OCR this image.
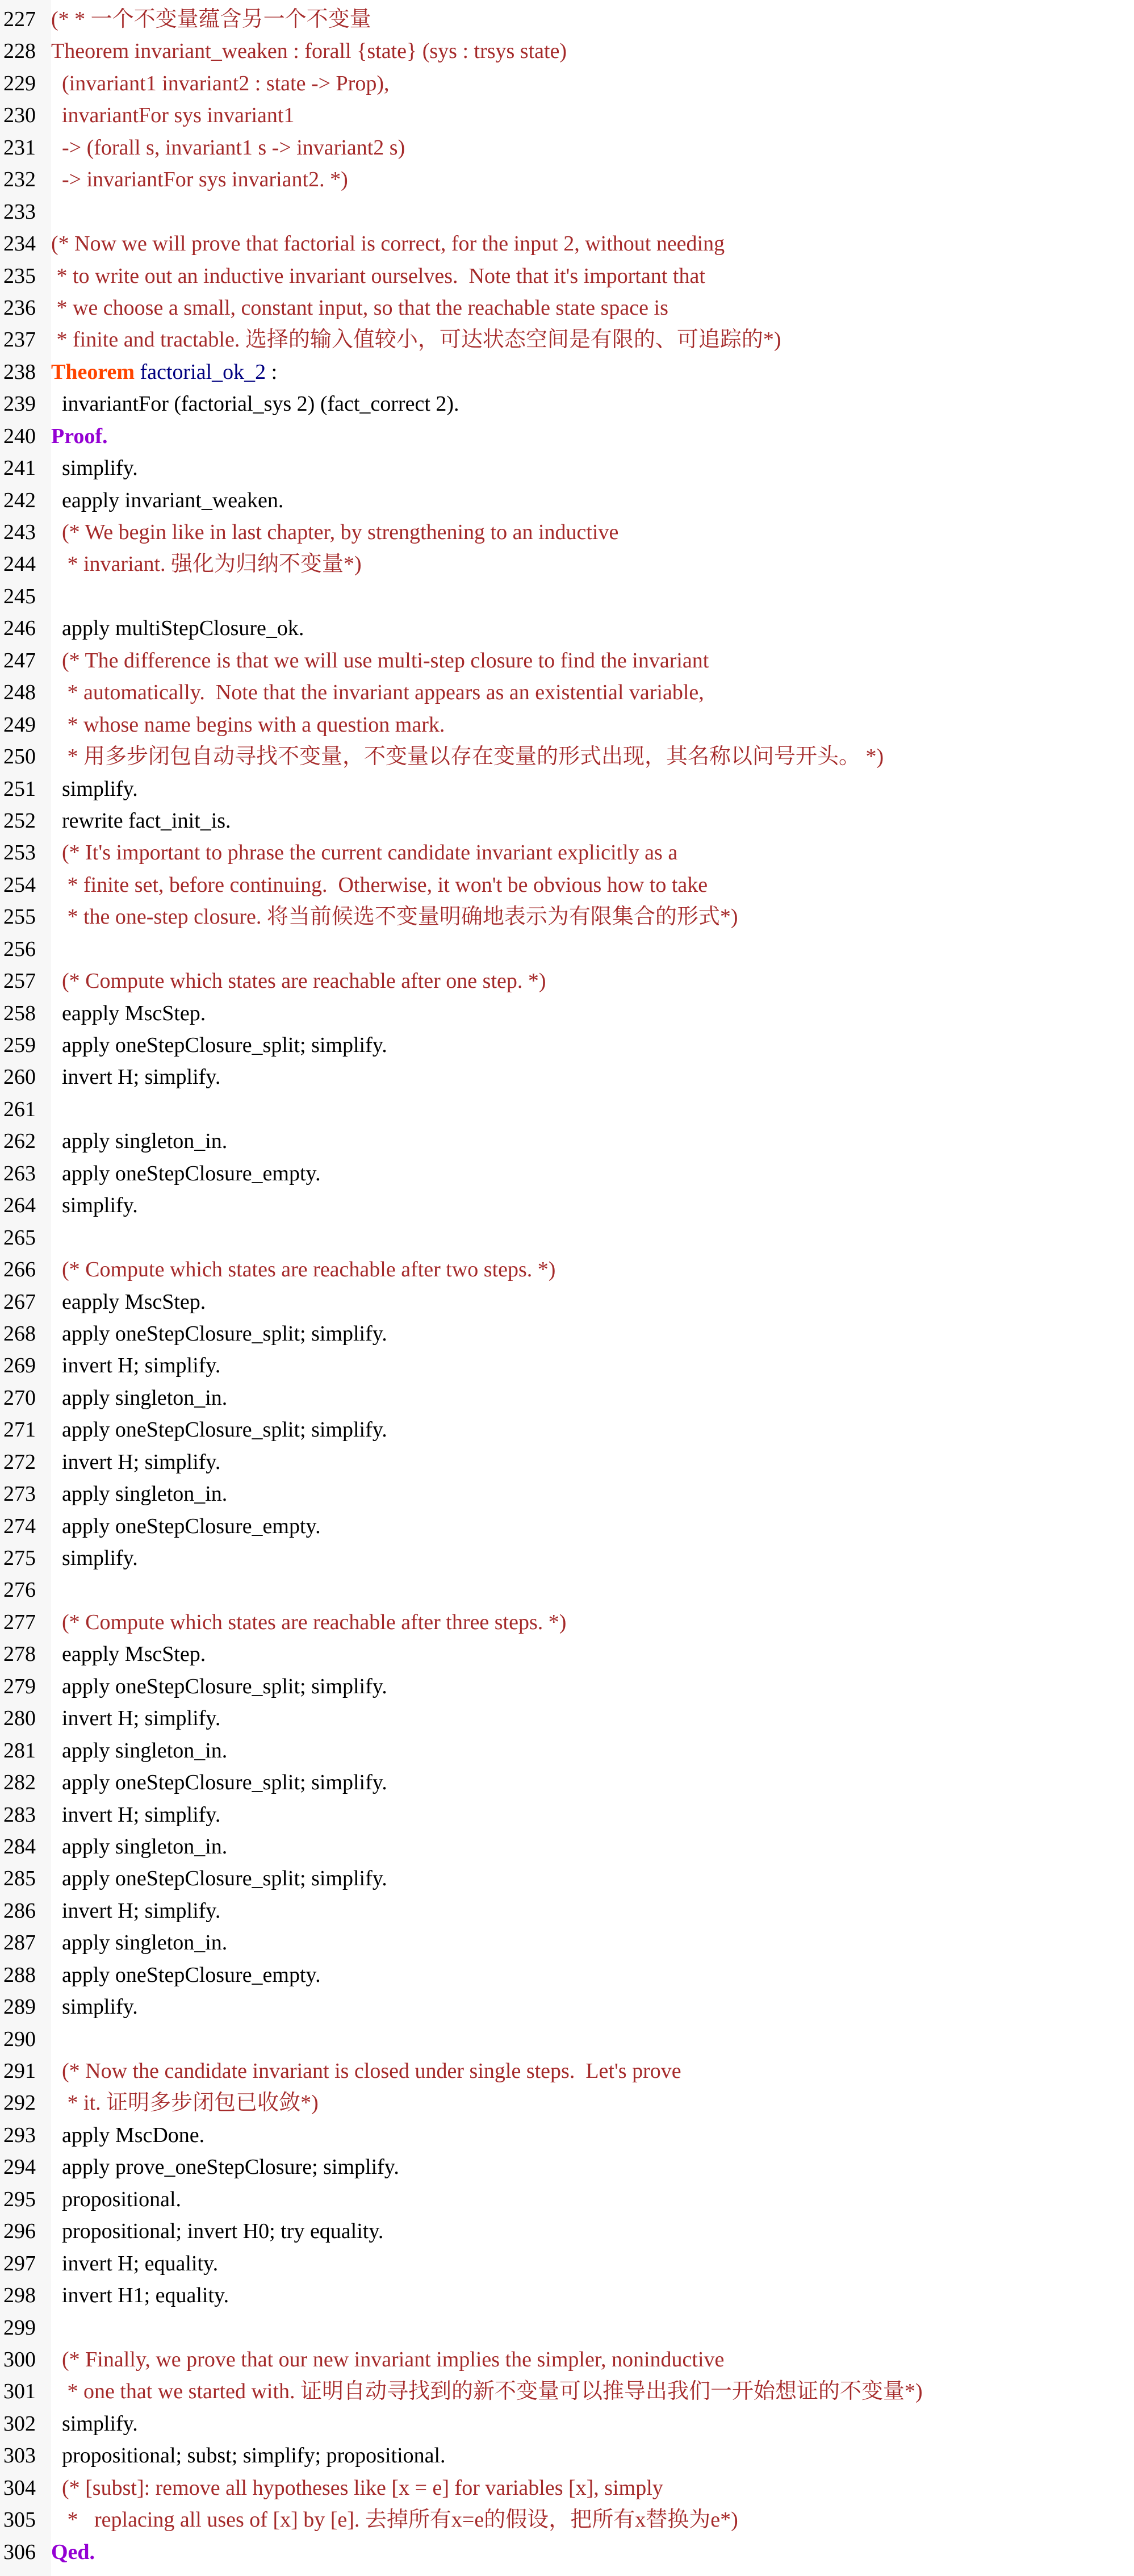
227 (* * 一个不变量蕴含另一个不变量
228 Theorem invariant_weaken : forall {state} (sys : trsys state)
229 (invariant1 invariant2 : state -> Prop),
230 invariantFor sys invariant1
231 -> (forall s, invariant1 s -> invariant2 s)
232 -> invariantFor sys invariant2. *)
233
234 (* Now we will prove that factorial is correct, for the input 2, without needing
235 * to write out an inductive invariant ourselves.  Note that it's important that
236 * we choose a small, constant input, so that the reachable state space is
237 * finite and tractable. 选择的输入值较小，可达状态空间是有限的、可追踪的*)
238 Theorem factorial_ok_2 :
239 invariantFor (factorial_sys 2) (fact_correct 2).
240 Proof.
241 simplify.
242 eapply invariant_weaken.
243	(* We begin like in last chapter, by strengthening to an inductive
244	* invariant. 强化为归纳不变量*)
245
246 apply multiStepClosure_ok.
247	(* The difference is that we will use multi-step closure to find the invariant
248	* automatically.  Note that the invariant appears as an existential variable,
249	* whose name begins with a question mark.
250	* 用多步闭包自动寻找不变量，不变量以存在变量的形式出现，其名称以问号开头。 *)
251 simplify.
252 rewrite fact_init_is.
253	(* It's important to phrase the current candidate invariant explicitly as a
254	* finite set, before continuing.  Otherwise, it won't be obvious how to take
255	* the one-step closure. 将当前候选不变量明确地表示为有限集合的形式*)
256
257	(* Compute which states are reachable after one step. *)
258 eapply MscStep.
259 apply oneStepClosure_split; simplify.
260 invert H; simplify.
261
262 apply singleton_in.
263 apply oneStepClosure_empty.
264 simplify.
265
266	(* Compute which states are reachable after two steps. *)
267 eapply MscStep.
268 apply oneStepClosure_split; simplify.
269 invert H; simplify.
270 apply singleton_in.
271 apply oneStepClosure_split; simplify.
272 invert H; simplify.
273 apply singleton_in.
274 apply oneStepClosure_empty.
275 simplify.
276
277	(* Compute which states are reachable after three steps. *)
278 eapply MscStep.
279 apply oneStepClosure_split; simplify.
280 invert H; simplify.
281 apply singleton_in.
282 apply oneStepClosure_split; simplify.
283 invert H; simplify.
284 apply singleton_in.
285 apply oneStepClosure_split; simplify.
286 invert H; simplify.
287 apply singleton_in.
288 apply oneStepClosure_empty.
289 simplify.
290
291	(* Now the candidate invariant is closed under single steps.  Let's prove
292	* it. 证明多步闭包已收敛*)
293 apply MscDone.
294 apply prove_oneStepClosure; simplify.
295 propositional.
296 propositional; invert H0; try equality.
297 invert H; equality.
298 invert H1; equality.
299
300	(* Finally, we prove that our new invariant implies the simpler, noninductive
301	* one that we started with. 证明自动寻找到的新不变量可以推导出我们一开始想证的不变量*)
302 simplify.
303 propositional; subst; simplify; propositional.
304	(* [subst]: remove all hypotheses like [x = e] for variables [x], simply
305	*   replacing all uses of [x] by [e]. 去掉所有x=e的假设，把所有x替换为e*)
306 Qed.
